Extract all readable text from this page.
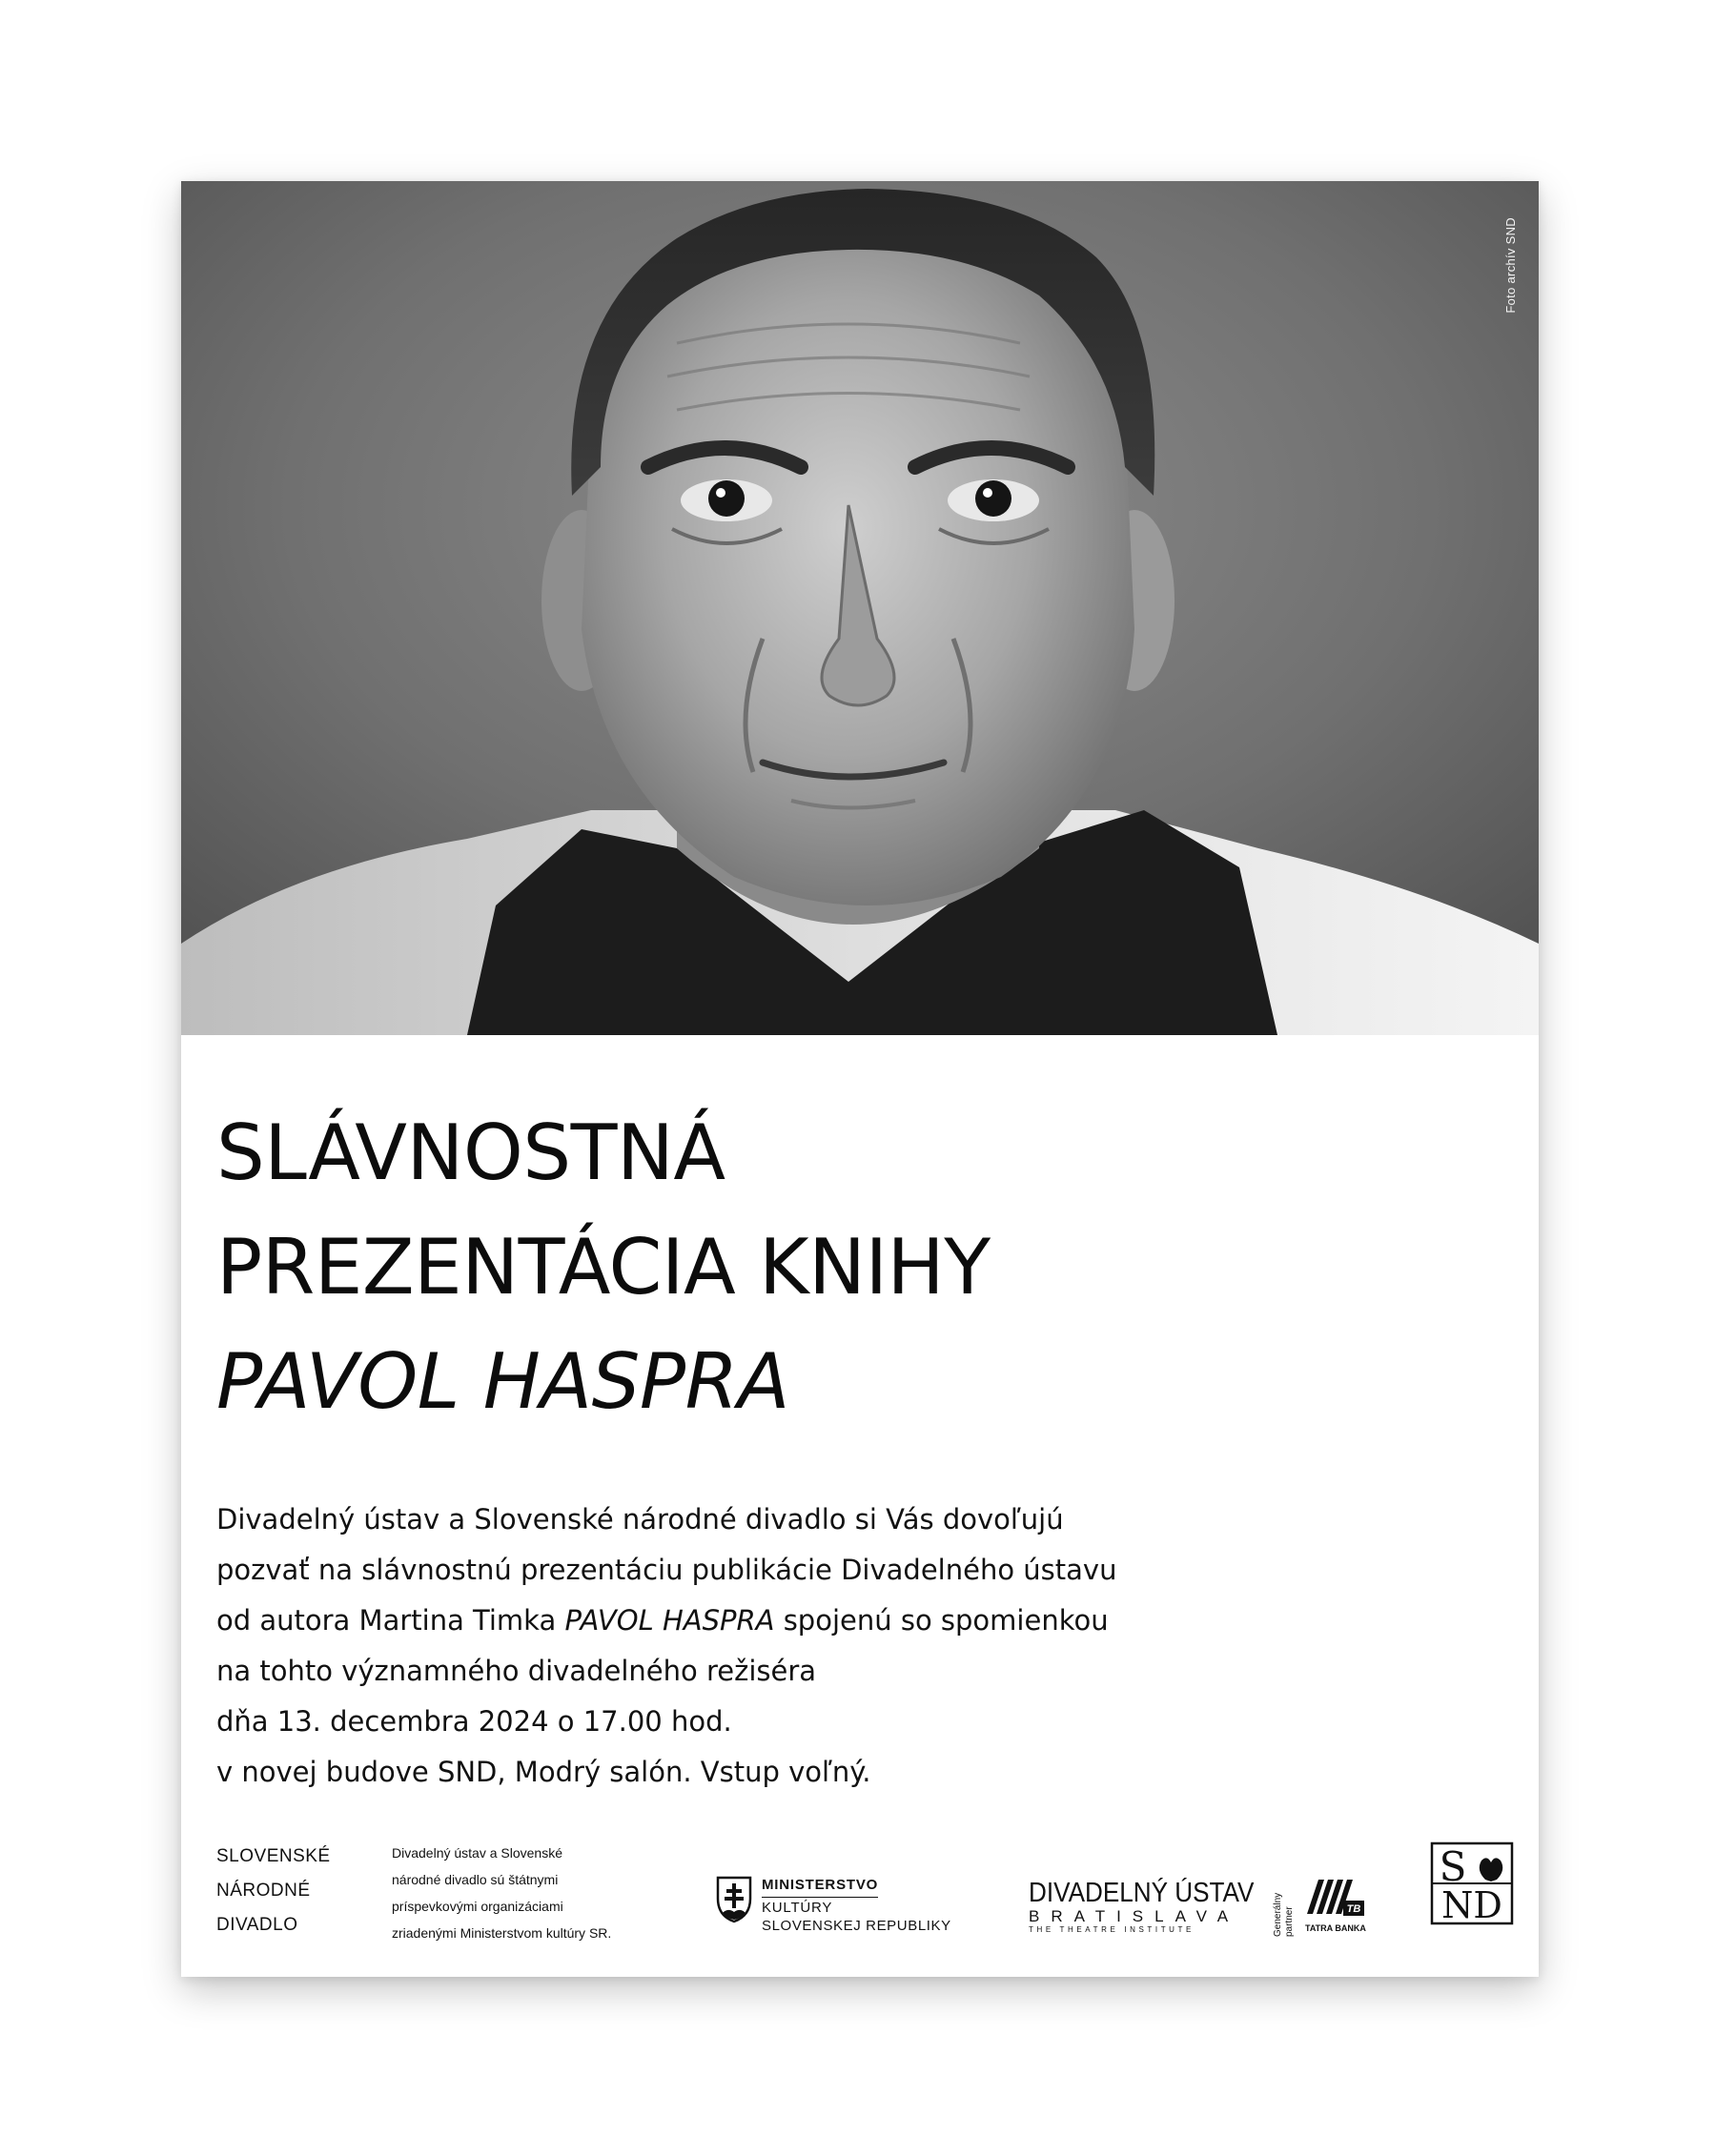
Foto archív SND
SLÁVNOSTNÁ
PREZENTÁCIA KNIHY
PAVOL HASPRA
Divadelný ústav a Slovenské národné divadlo si Vás dovoľujú
pozvať na slávnostnú prezentáciu publikácie Divadelného ústavu
od autora Martina Timka PAVOL HASPRA spojenú so spomienkou
na tohto významného divadelného režiséra
dňa 13. decembra 2024 o 17.00 hod.
v novej budove SND, Modrý salón. Vstup voľný.
SLOVENSKÉ
NÁRODNÉ
DIVADLO
Divadelný ústav a Slovenské
národné divadlo sú štátnymi
príspevkovými organizáciami
zriadenými Ministerstvom kultúry SR.
MINISTERSTVO
KULTÚRY
SLOVENSKEJ REPUBLIKY
DIVADELNÝ ÚSTAV
BRATISLAVA
THE THEATRE INSTITUTE	Generálny partner	TB
TATRA BANKA
S
ND
